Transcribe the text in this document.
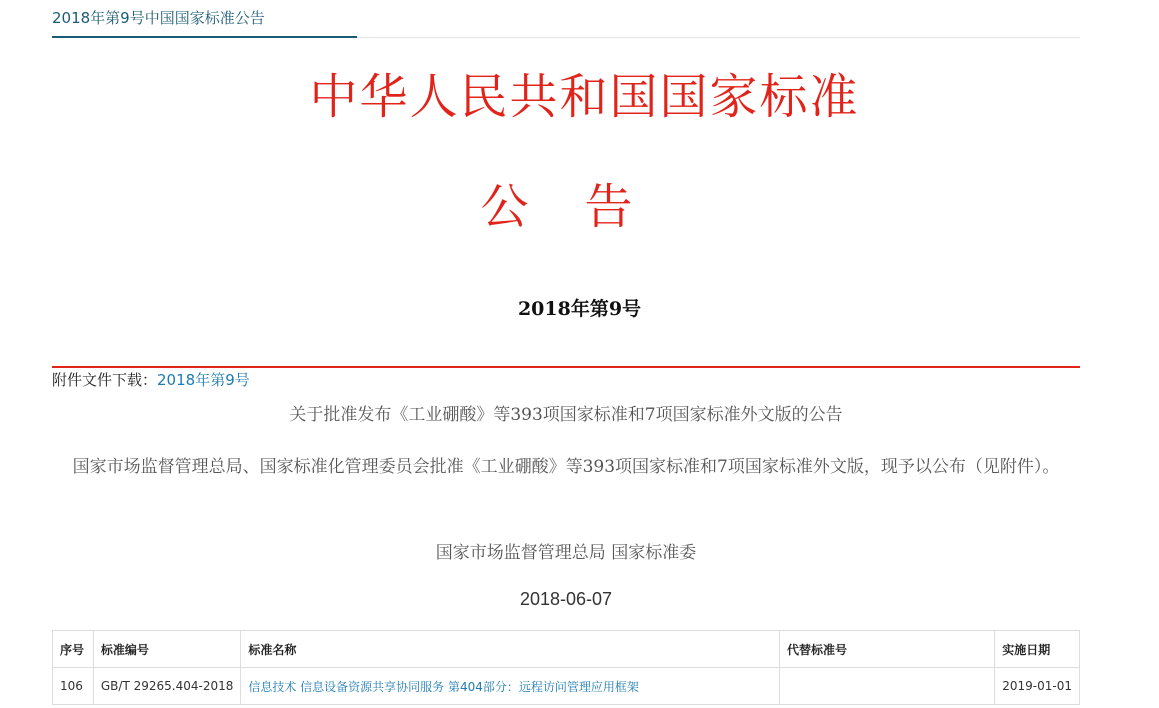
2018年第9号中国国家标准公告
中华人民共和国国家标准
公告
2018年第9号
附件文件下载：2018年第9号
关于批准发布《工业硼酸》等393项国家标准和7项国家标准外文版的公告
国家市场监督管理总局、国家标准化管理委员会批准《工业硼酸》等393项国家标准和7项国家标准外文版，现予以公布（见附件）。
国家市场监督管理总局 国家标准委
2018-06-07
序号	标准编号	标准名称	代替标准号	实施日期
106	GB/T 29265.404-2018	信息技术 信息设备资源共享协同服务 第404部分：远程访问管理应用框架		2019-01-01
